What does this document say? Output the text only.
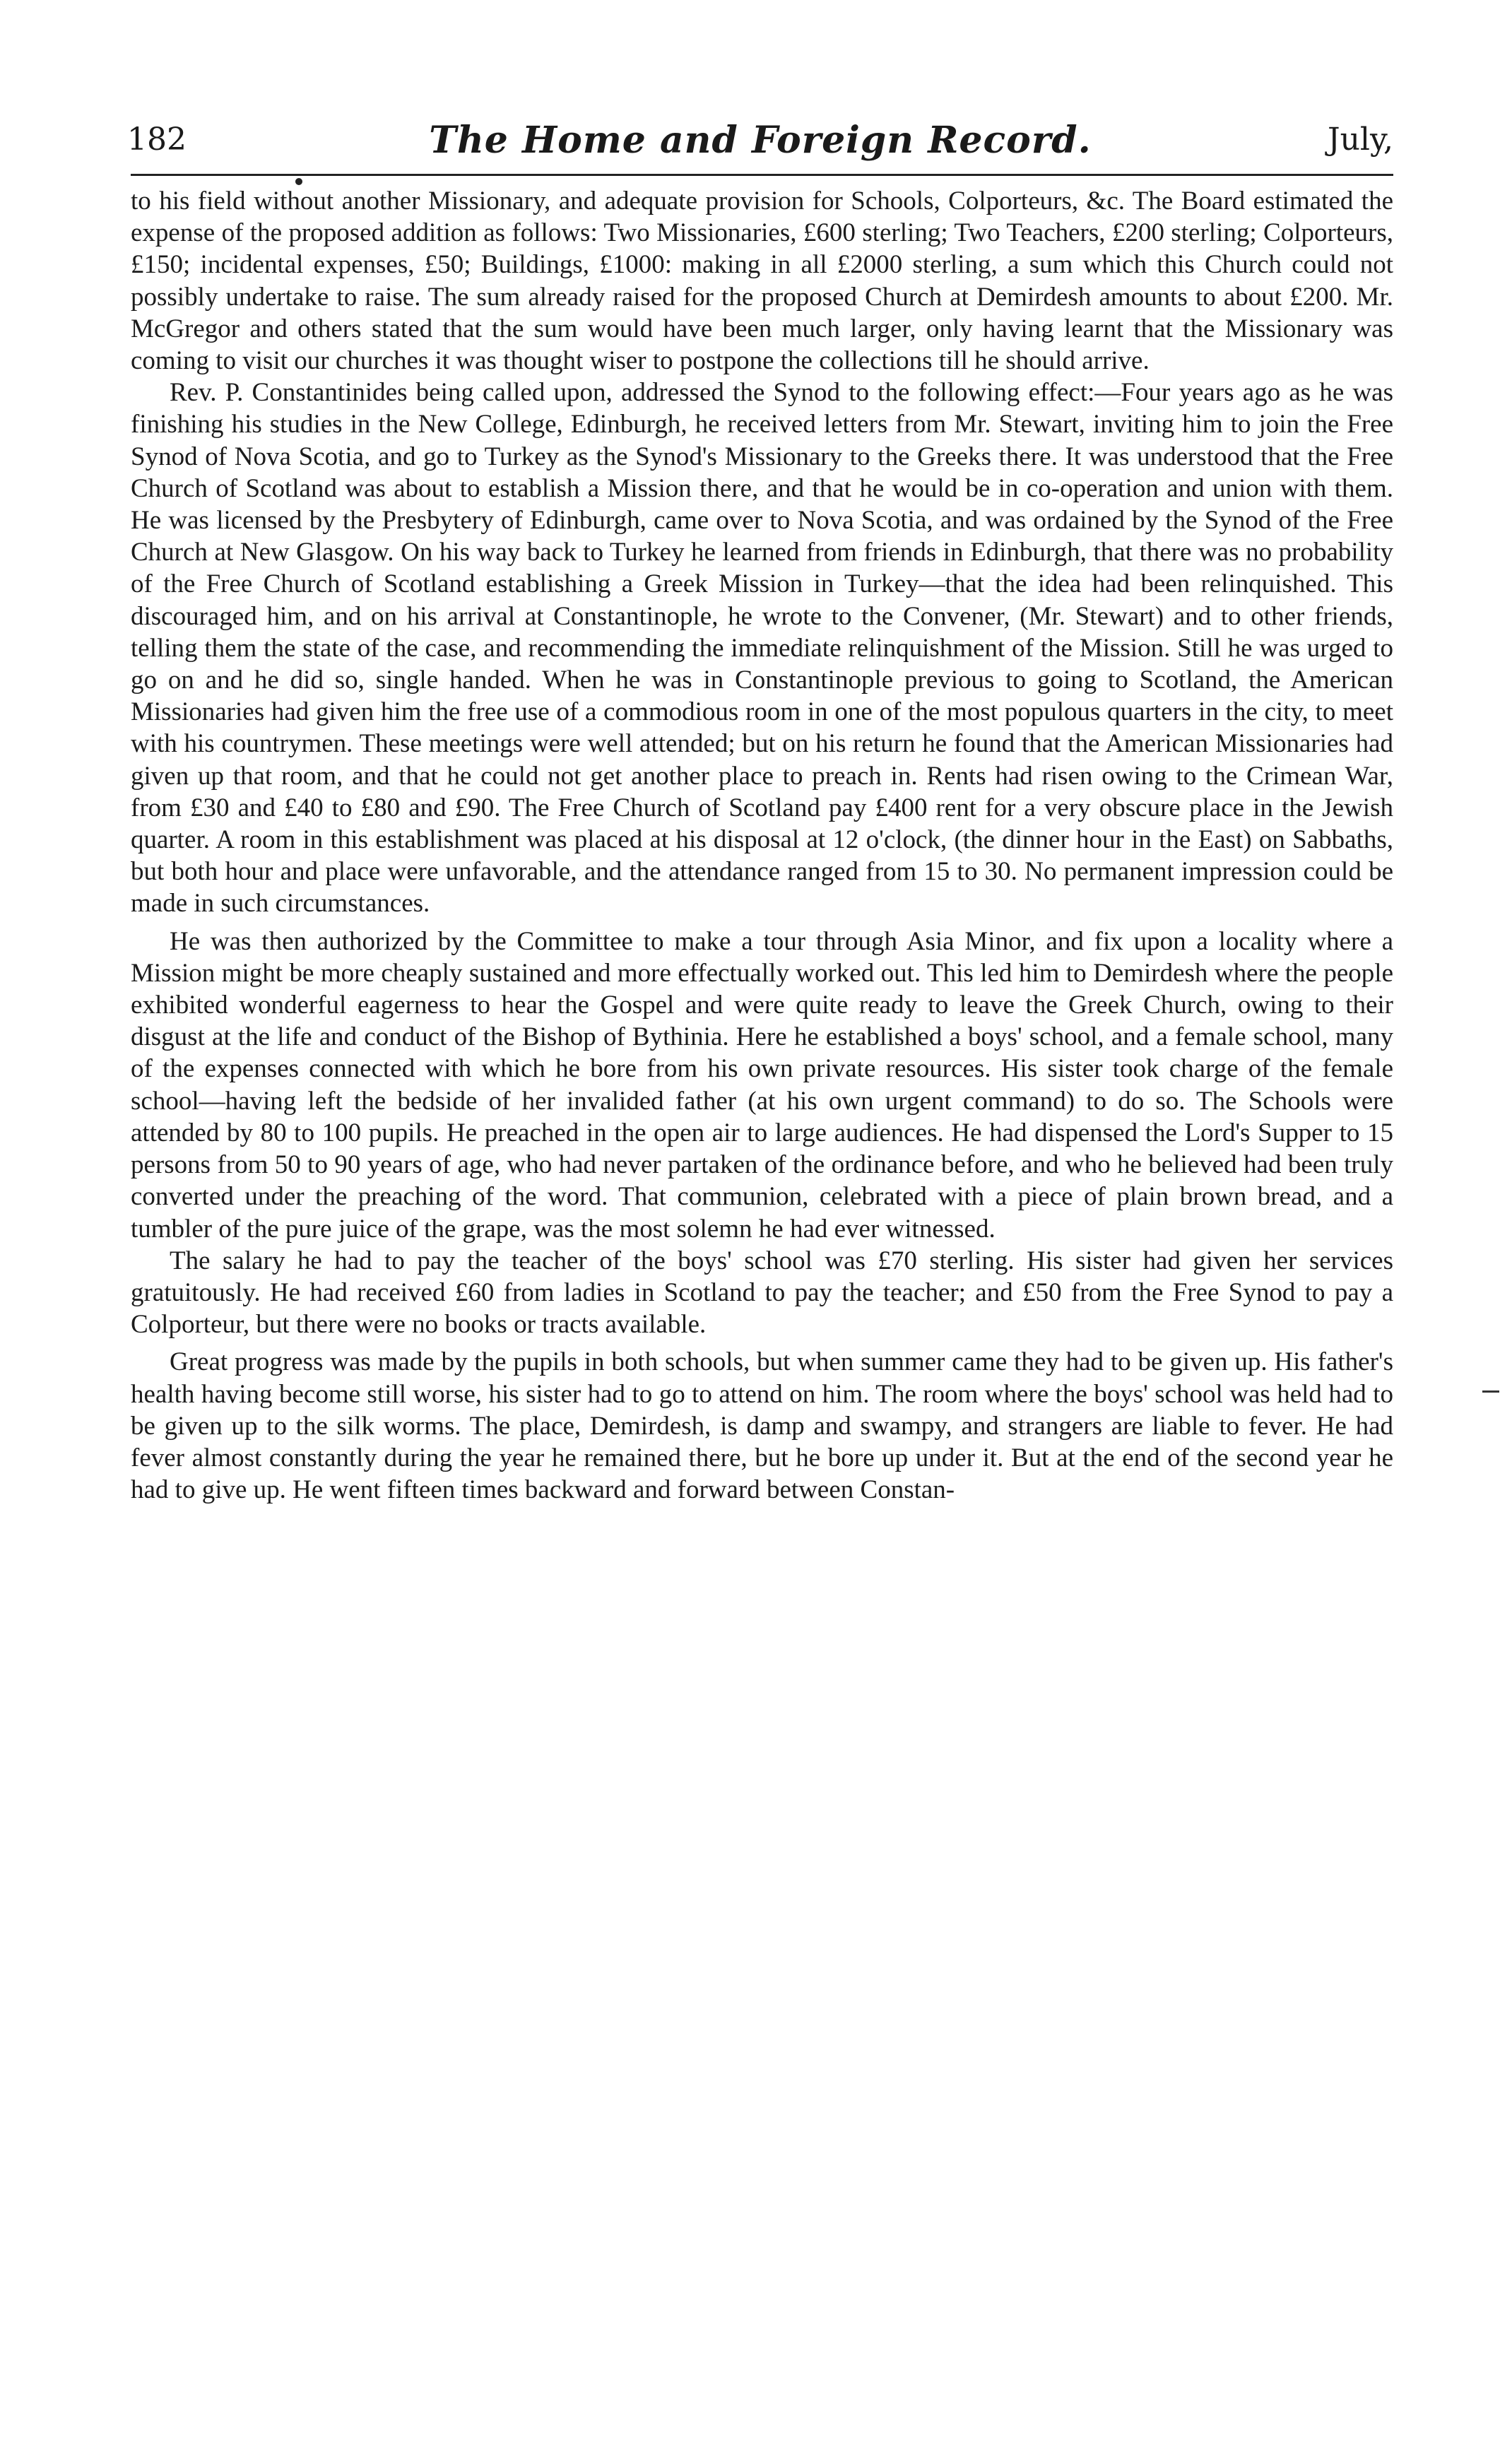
182	The Home and Foreign Record.	July,

to his field without another Missionary, and adequate provision for Schools, Colporteurs, &c. The Board estimated the expense of the proposed addition as follows: Two Missionaries, £600 sterling; Two Teachers, £200 sterling; Colporteurs, £150; incidental expenses, £50; Buildings, £1000: making in all £2000 sterling, a sum which this Church could not possibly undertake to raise. The sum already raised for the proposed Church at Demirdesh amounts to about £200. Mr. McGregor and others stated that the sum would have been much larger, only having learnt that the Missionary was coming to visit our churches it was thought wiser to postpone the collections till he should arrive.

Rev. P. Constantinides being called upon, addressed the Synod to the following effect:—Four years ago as he was finishing his studies in the New College, Edinburgh, he received letters from Mr. Stewart, inviting him to join the Free Synod of Nova Scotia, and go to Turkey as the Synod's Missionary to the Greeks there. It was understood that the Free Church of Scotland was about to establish a Mission there, and that he would be in co-operation and union with them. He was licensed by the Presbytery of Edinburgh, came over to Nova Scotia, and was ordained by the Synod of the Free Church at New Glasgow. On his way back to Turkey he learned from friends in Edinburgh, that there was no probability of the Free Church of Scotland establishing a Greek Mission in Turkey—that the idea had been relinquished. This discouraged him, and on his arrival at Constantinople, he wrote to the Convener, (Mr. Stewart) and to other friends, telling them the state of the case, and recommending the immediate relinquishment of the Mission. Still he was urged to go on and he did so, single handed. When he was in Constantinople previous to going to Scotland, the American Missionaries had given him the free use of a commodious room in one of the most populous quarters in the city, to meet with his countrymen. These meetings were well attended; but on his return he found that the American Missionaries had given up that room, and that he could not get another place to preach in. Rents had risen owing to the Crimean War, from £30 and £40 to £80 and £90. The Free Church of Scotland pay £400 rent for a very obscure place in the Jewish quarter. A room in this establishment was placed at his disposal at 12 o'clock, (the dinner hour in the East) on Sabbaths, but both hour and place were unfavorable, and the attendance ranged from 15 to 30. No permanent impression could be made in such circumstances.

He was then authorized by the Committee to make a tour through Asia Minor, and fix upon a locality where a Mission might be more cheaply sustained and more effectually worked out. This led him to Demirdesh where the people exhibited wonderful eagerness to hear the Gospel and were quite ready to leave the Greek Church, owing to their disgust at the life and conduct of the Bishop of Bythinia. Here he established a boys' school, and a female school, many of the expenses connected with which he bore from his own private resources. His sister took charge of the female school—having left the bedside of her invalided father (at his own urgent command) to do so. The Schools were attended by 80 to 100 pupils. He preached in the open air to large audiences. He had dispensed the Lord's Supper to 15 persons from 50 to 90 years of age, who had never partaken of the ordinance before, and who he believed had been truly converted under the preaching of the word. That communion, celebrated with a piece of plain brown bread, and a tumbler of the pure juice of the grape, was the most solemn he had ever witnessed.

The salary he had to pay the teacher of the boys' school was £70 sterling. His sister had given her services gratuitously. He had received £60 from ladies in Scotland to pay the teacher; and £50 from the Free Synod to pay a Colporteur, but there were no books or tracts available.

Great progress was made by the pupils in both schools, but when summer came they had to be given up. His father's health having become still worse, his sister had to go to attend on him. The room where the boys' school was held had to be given up to the silk worms. The place, Demirdesh, is damp and swampy, and strangers are liable to fever. He had fever almost constantly during the year he remained there, but he bore up under it. But at the end of the second year he had to give up. He went fifteen times backward and forward between Constan-
